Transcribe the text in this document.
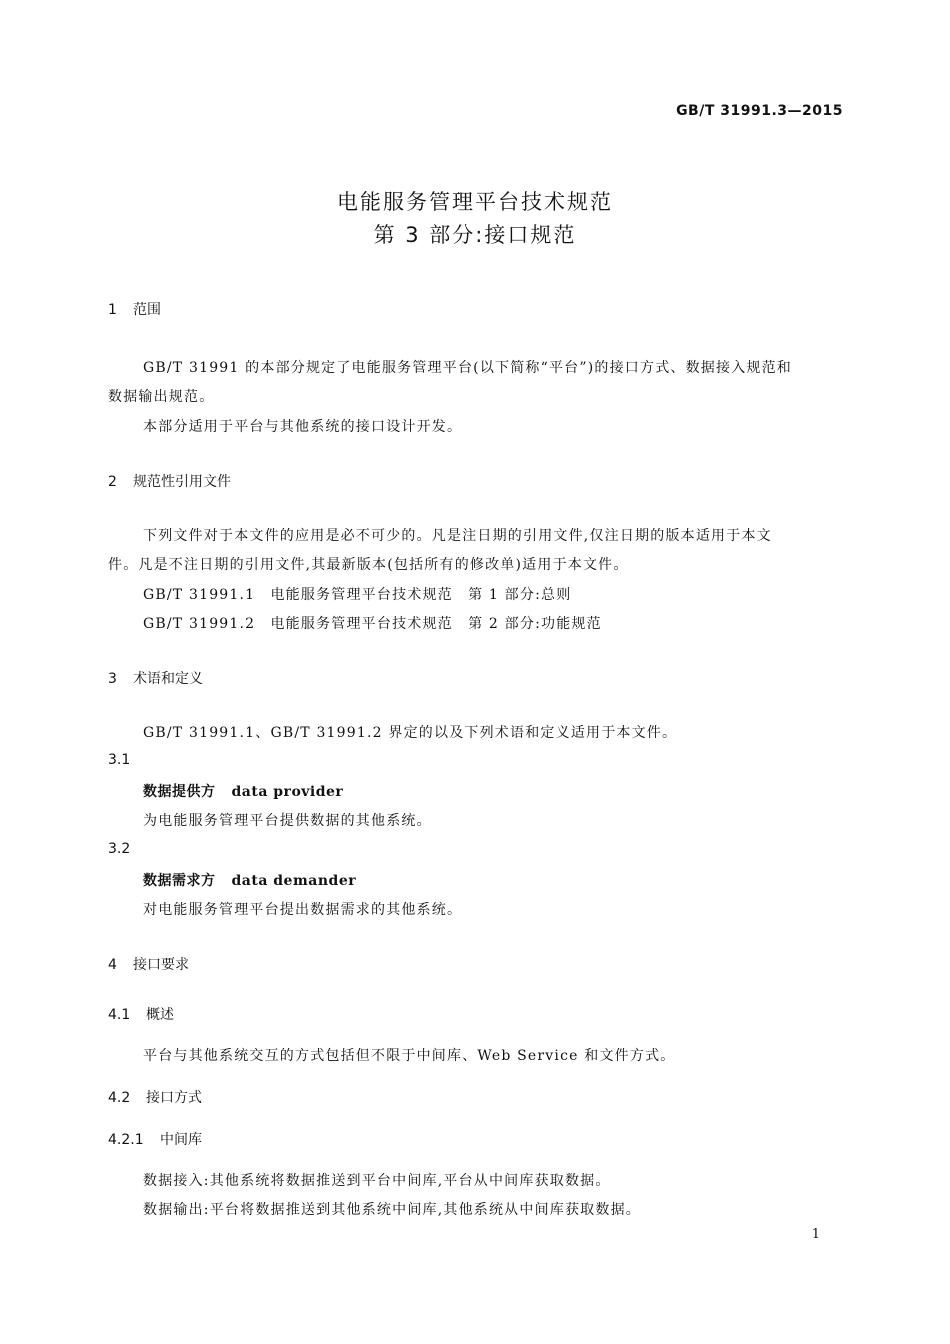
GB/T 31991.3—2015
电能服务管理平台技术规范
第 3 部分:接口规范
1 范围
GB/T 31991 的本部分规定了电能服务管理平台(以下简称“平台”)的接口方式、数据接入规范和
数据输出规范。
本部分适用于平台与其他系统的接口设计开发。
2 规范性引用文件
下列文件对于本文件的应用是必不可少的。凡是注日期的引用文件,仅注日期的版本适用于本文
件。凡是不注日期的引用文件,其最新版本(包括所有的修改单)适用于本文件。
GB/T 31991.1　电能服务管理平台技术规范　第 1 部分:总则
GB/T 31991.2　电能服务管理平台技术规范　第 2 部分:功能规范
3 术语和定义
GB/T 31991.1、GB/T 31991.2 界定的以及下列术语和定义适用于本文件。
3.1
数据提供方 data provider
为电能服务管理平台提供数据的其他系统。
3.2
数据需求方 data demander
对电能服务管理平台提出数据需求的其他系统。
4 接口要求
4.1 概述
平台与其他系统交互的方式包括但不限于中间库、Web Service 和文件方式。
4.2 接口方式
4.2.1 中间库
数据接入:其他系统将数据推送到平台中间库,平台从中间库获取数据。
数据输出:平台将数据推送到其他系统中间库,其他系统从中间库获取数据。
1
